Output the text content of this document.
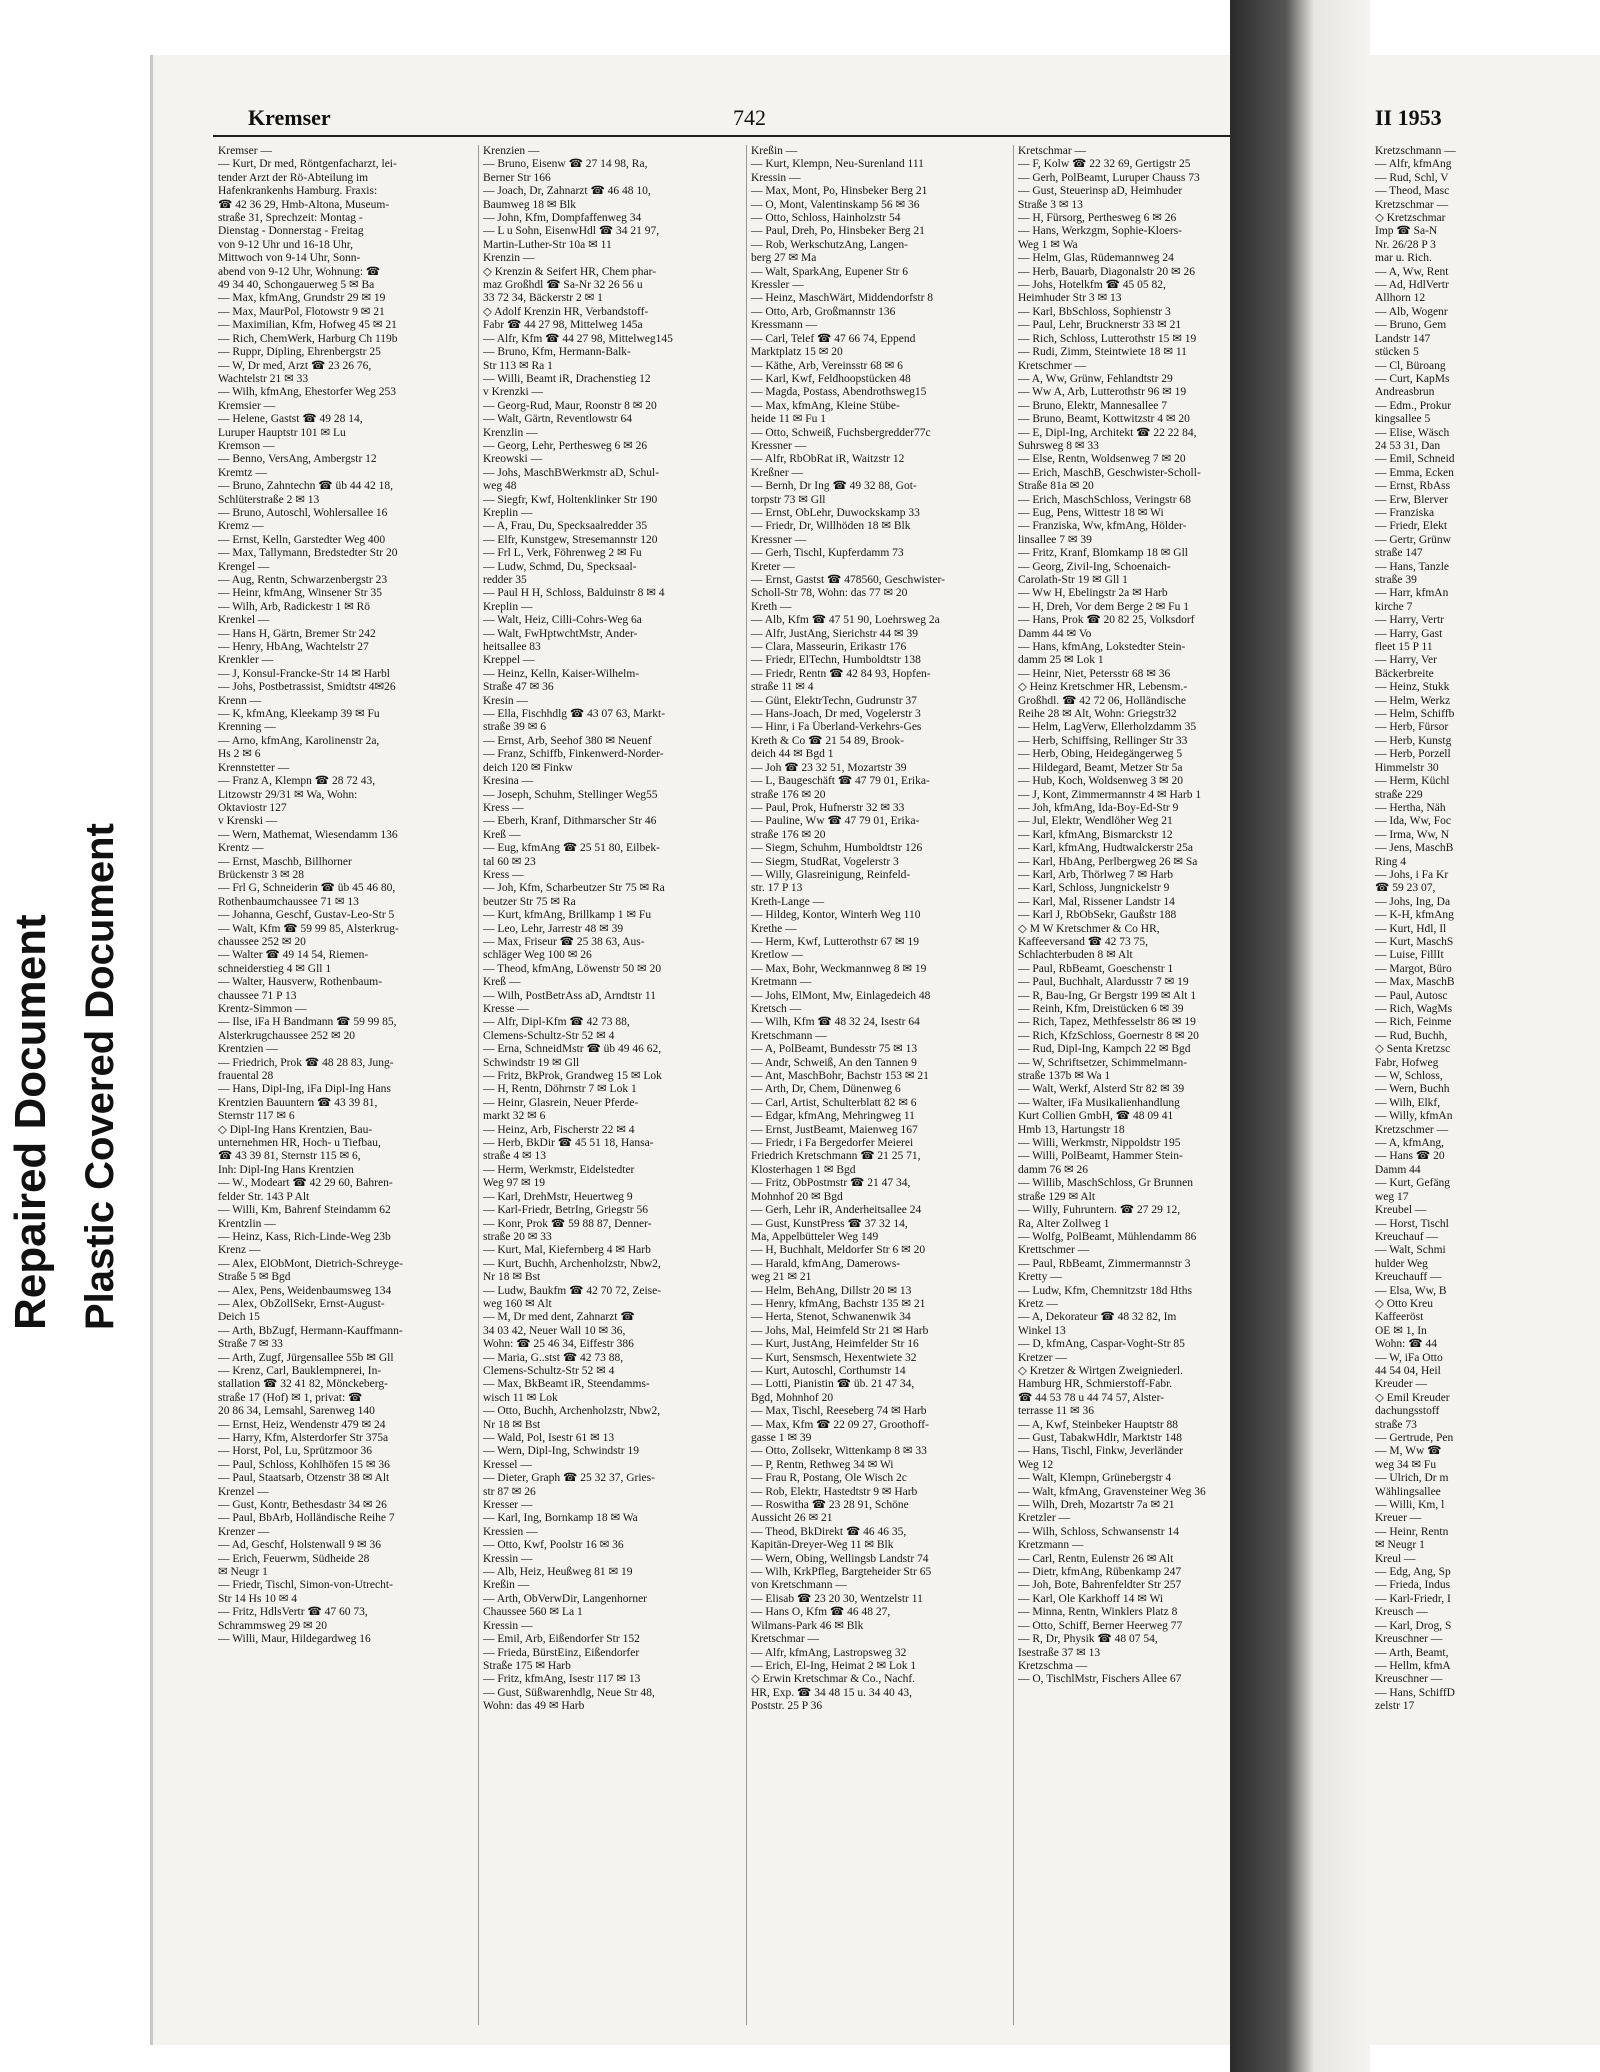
Repaired Document Plastic Covered Document
Kremser	742
Kremser —
— Kurt, Dr med, Röntgenfacharzt, lei-
tender Arzt der Rö-Abteilung im
Hafenkrankenhs Hamburg. Fraxis:
☎ 42 36 29, Hmb-Altona, Museum-
straße 31, Sprechzeit: Montag -
Dienstag - Donnerstag - Freitag
von 9-12 Uhr und 16-18 Uhr,
Mittwoch von 9-14 Uhr, Sonn-
abend von 9-12 Uhr, Wohnung: ☎
49 34 40, Schongauerweg 5 ✉ Ba
— Max, kfmAng, Grundstr 29 ✉ 19
— Max, MaurPol, Flotowstr 9 ✉ 21
— Maximilian, Kfm, Hofweg 45 ✉ 21
— Rich, ChemWerk, Harburg Ch 119b
— Ruppr, Dipling, Ehrenbergstr 25
— W, Dr med, Arzt ☎ 23 26 76,
Wachtelstr 21 ✉ 33
— Wilh, kfmAng, Ehestorfer Weg 253
Kremsier —
— Helene, Gastst ☎ 49 28 14,
Luruper Hauptstr 101 ✉ Lu
Kremson —
— Benno, VersAng, Ambergstr 12
Kremtz —
— Bruno, Zahntechn ☎ üb 44 42 18,
Schlüterstraße 2 ✉ 13
— Bruno, Autoschl, Wohlersallee 16
Kremz —
— Ernst, Kelln, Garstedter Weg 400
— Max, Tallymann, Bredstedter Str 20
Krengel —
— Aug, Rentn, Schwarzenbergstr 23
— Heinr, kfmAng, Winsener Str 35
— Wilh, Arb, Radickestr 1 ✉ Rö
Krenkel —
— Hans H, Gärtn, Bremer Str 242
— Henry, HbAng, Wachtelstr 27
Krenkler —
— J, Konsul-Francke-Str 14 ✉ Harbl
— Johs, Postbetrassist, Smidtstr 4✉26
Krenn —
— K, kfmAng, Kleekamp 39 ✉ Fu
Krenning —
— Arno, kfmAng, Karolinenstr 2a,
Hs 2 ✉ 6
Krennstetter —
— Franz A, Klempn ☎ 28 72 43,
Litzowstr 29/31 ✉ Wa, Wohn:
Oktaviostr 127
v Krenski —
— Wern, Mathemat, Wiesendamm 136
Krentz —
— Ernst, Maschb, Billhorner
Brückenstr 3 ✉ 28
— Frl G, Schneiderin ☎ üb 45 46 80,
Rothenbaumchaussee 71 ✉ 13
— Johanna, Geschf, Gustav-Leo-Str 5
— Walt, Kfm ☎ 59 99 85, Alsterkrug-
chaussee 252 ✉ 20
— Walter ☎ 49 14 54, Riemen-
schneiderstieg 4 ✉ Gll 1
— Walter, Hausverw, Rothenbaum-
chaussee 71 P 13
Krentz-Simmon —
— Ilse, iFa H Bandmann ☎ 59 99 85,
Alsterkrugchaussee 252 ✉ 20
Krentzien —
— Friedrich, Prok ☎ 48 28 83, Jung-
frauental 28
— Hans, Dipl-Ing, iFa Dipl-Ing Hans
Krentzien Bauuntern ☎ 43 39 81,
Sternstr 117 ✉ 6
◇ Dipl-Ing Hans Krentzien, Bau-
unternehmen HR, Hoch- u Tiefbau,
☎ 43 39 81, Sternstr 115 ✉ 6,
Inh: Dipl-Ing Hans Krentzien
— W., Modeart ☎ 42 29 60, Bahren-
felder Str. 143 P Alt
— Willi, Km, Bahrenf Steindamm 62
Krentzlin —
— Heinz, Kass, Rich-Linde-Weg 23b
Krenz —
— Alex, ElObMont, Dietrich-Schreyge-
Straße 5 ✉ Bgd
— Alex, Pens, Weidenbaumsweg 134
— Alex, ObZollSekr, Ernst-August-
Deich 15
— Arth, BbZugf, Hermann-Kauffmann-
Straße 7 ✉ 33
— Arth, Zugf, Jürgensallee 55b ✉ Gll
— Krenz, Carl, Bauklempnerei, In-
stallation ☎ 32 41 82, Mönckeberg-
straße 17 (Hof) ✉ 1, privat: ☎
20 86 34, Lemsahl, Sarenweg 140
— Ernst, Heiz, Wendenstr 479 ✉ 24
— Harry, Kfm, Alsterdorfer Str 375a
— Horst, Pol, Lu, Sprützmoor 36
— Paul, Schloss, Kohlhöfen 15 ✉ 36
— Paul, Staatsarb, Otzenstr 38 ✉ Alt
Krenzel —
— Gust, Kontr, Bethesdastr 34 ✉ 26
— Paul, BbArb, Holländische Reihe 7
Krenzer —
— Ad, Geschf, Holstenwall 9 ✉ 36
— Erich, Feuerwm, Südheide 28
✉ Neugr 1
— Friedr, Tischl, Simon-von-Utrecht-
Str 14 Hs 10 ✉ 4
— Fritz, HdlsVertr ☎ 47 60 73,
Schrammsweg 29 ✉ 20
— Willi, Maur, Hildegardweg 16
Krenzien —
— Bruno, Eisenw ☎ 27 14 98, Ra,
Berner Str 166
— Joach, Dr, Zahnarzt ☎ 46 48 10,
Baumweg 18 ✉ Blk
— John, Kfm, Dompfaffenweg 34
— L u Sohn, EisenwHdl ☎ 34 21 97,
Martin-Luther-Str 10a ✉ 11
Krenzin —
◇ Krenzin & Seifert HR, Chem phar-
maz Großhdl ☎ Sa-Nr 32 26 56 u
33 72 34, Bäckerstr 2 ✉ 1
◇ Adolf Krenzin HR, Verbandstoff-
Fabr ☎ 44 27 98, Mittelweg 145a
— Alfr, Kfm ☎ 44 27 98, Mittelweg145
— Bruno, Kfm, Hermann-Balk-
Str 113 ✉ Ra 1
— Willi, Beamt iR, Drachenstieg 12
v Krenzki —
— Georg-Rud, Maur, Roonstr 8 ✉ 20
— Walt, Gärtn, Reventlowstr 64
Krenzlin —
— Georg, Lehr, Perthesweg 6 ✉ 26
Kreowski —
— Johs, MaschBWerkmstr aD, Schul-
weg 48
— Siegfr, Kwf, Holtenklinker Str 190
Kreplin —
— A, Frau, Du, Specksaalredder 35
— Elfr, Kunstgew, Stresemannstr 120
— Frl L, Verk, Föhrenweg 2 ✉ Fu
— Ludw, Schmd, Du, Specksaal-
redder 35
— Paul H H, Schloss, Balduinstr 8 ✉ 4
Kreplin —
— Walt, Heiz, Cilli-Cohrs-Weg 6a
— Walt, FwHptwchtMstr, Ander-
heitsallee 83
Kreppel —
— Heinz, Kelln, Kaiser-Wilhelm-
Straße 47 ✉ 36
Kresin —
— Ella, Fischhdlg ☎ 43 07 63, Markt-
straße 39 ✉ 6
— Ernst, Arb, Seehof 380 ✉ Neuenf
— Franz, Schiffb, Finkenwerd-Norder-
deich 120 ✉ Finkw
Kresina —
— Joseph, Schuhm, Stellinger Weg55
Kress —
— Eberh, Kranf, Dithmarscher Str 46
Kreß —
— Eug, kfmAng ☎ 25 51 80, Eilbek-
tal 60 ✉ 23
Kress —
— Joh, Kfm, Scharbeutzer Str 75 ✉ Ra
beutzer Str 75 ✉ Ra
— Kurt, kfmAng, Brillkamp 1 ✉ Fu
— Leo, Lehr, Jarrestr 48 ✉ 39
— Max, Friseur ☎ 25 38 63, Aus-
schläger Weg 100 ✉ 26
— Theod, kfmAng, Löwenstr 50 ✉ 20
Kreß —
— Wilh, PostBetrAss aD, Arndtstr 11
Kresse —
— Alfr, Dipl-Kfm ☎ 42 73 88,
Clemens-Schultz-Str 52 ✉ 4
— Erna, SchneidMstr ☎ üb 49 46 62,
Schwindstr 19 ✉ Gll
— Fritz, BkProk, Grandweg 15 ✉ Lok
— H, Rentn, Döhrnstr 7 ✉ Lok 1
— Heinr, Glasrein, Neuer Pferde-
markt 32 ✉ 6
— Heinz, Arb, Fischerstr 22 ✉ 4
— Herb, BkDir ☎ 45 51 18, Hansa-
straße 4 ✉ 13
— Herm, Werkmstr, Eidelstedter
Weg 97 ✉ 19
— Karl, DrehMstr, Heuertweg 9
— Karl-Friedr, BetrIng, Griegstr 56
— Konr, Prok ☎ 59 88 87, Denner-
straße 20 ✉ 33
— Kurt, Mal, Kiefernberg 4 ✉ Harb
— Kurt, Buchh, Archenholzstr, Nbw2,
Nr 18 ✉ Bst
— Ludw, Baukfm ☎ 42 70 72, Zeise-
weg 160 ✉ Alt
— M, Dr med dent, Zahnarzt ☎
34 03 42, Neuer Wall 10 ✉ 36,
Wohn: ☎ 25 46 34, Eiffestr 386
— Maria, G..stst ☎ 42 73 88,
Clemens-Schultz-Str 52 ✉ 4
— Max, BkBeamt iR, Steendamms-
wisch 11 ✉ Lok
— Otto, Buchh, Archenholzstr, Nbw2,
Nr 18 ✉ Bst
— Wald, Pol, Isestr 61 ✉ 13
— Wern, Dipl-Ing, Schwindstr 19
Kressel —
— Dieter, Graph ☎ 25 32 37, Gries-
str 87 ✉ 26
Kresser —
— Karl, Ing, Bornkamp 18 ✉ Wa
Kressien —
— Otto, Kwf, Poolstr 16 ✉ 36
Kressin —
— Alb, Heiz, Heußweg 81 ✉ 19
Kreßin —
— Arth, ObVerwDir, Langenhorner
Chaussee 560 ✉ La 1
Kressin —
— Emil, Arb, Eißendorfer Str 152
— Frieda, BürstEinz, Eißendorfer
Straße 175 ✉ Harb
— Fritz, kfmAng, Isestr 117 ✉ 13
— Gust, Süßwarenhdlg, Neue Str 48,
Wohn: das 49 ✉ Harb
Kreßin —
— Kurt, Klempn, Neu-Surenland 111
Kressin —
— Max, Mont, Po, Hinsbeker Berg 21
— O, Mont, Valentinskamp 56 ✉ 36
— Otto, Schloss, Hainholzstr 54
— Paul, Dreh, Po, Hinsbeker Berg 21
— Rob, WerkschutzAng, Langen-
berg 27 ✉ Ma
— Walt, SparkAng, Eupener Str 6
Kressler —
— Heinz, MaschWärt, Middendorfstr 8
— Otto, Arb, Großmannstr 136
Kressmann —
— Carl, Telef ☎ 47 66 74, Eppend
Marktplatz 15 ✉ 20
— Käthe, Arb, Vereinsstr 68 ✉ 6
— Karl, Kwf, Feldhoopstücken 48
— Magda, Postass, Abendrothsweg15
— Max, kfmAng, Kleine Stübe-
heide 11 ✉ Fu 1
— Otto, Schweiß, Fuchsbergredder77c
Kressner —
— Alfr, RbObRat iR, Waitzstr 12
Kreßner —
— Bernh, Dr Ing ☎ 49 32 88, Got-
torpstr 73 ✉ Gll
— Ernst, ObLehr, Duwockskamp 33
— Friedr, Dr, Willhöden 18 ✉ Blk
Kressner —
— Gerh, Tischl, Kupferdamm 73
Kreter —
— Ernst, Gastst ☎ 478560, Geschwister-
Scholl-Str 78, Wohn: das 77 ✉ 20
Kreth —
— Alb, Kfm ☎ 47 51 90, Loehrsweg 2a
— Alfr, JustAng, Sierichstr 44 ✉ 39
— Clara, Masseurin, Erikastr 176
— Friedr, ElTechn, Humboldtstr 138
— Friedr, Rentn ☎ 42 84 93, Hopfen-
straße 11 ✉ 4
— Günt, ElektrTechn, Gudrunstr 37
— Hans-Joach, Dr med, Vogelerstr 3
— Hinr, i Fa Überland-Verkehrs-Ges
Kreth & Co ☎ 21 54 89, Brook-
deich 44 ✉ Bgd 1
— Joh ☎ 23 32 51, Mozartstr 39
— L, Baugeschäft ☎ 47 79 01, Erika-
straße 176 ✉ 20
— Paul, Prok, Hufnerstr 32 ✉ 33
— Pauline, Ww ☎ 47 79 01, Erika-
straße 176 ✉ 20
— Siegm, Schuhm, Humboldtstr 126
— Siegm, StudRat, Vogelerstr 3
— Willy, Glasreinigung, Reinfeld-
str. 17 P 13
Kreth-Lange —
— Hildeg, Kontor, Winterh Weg 110
Krethe —
— Herm, Kwf, Lutterothstr 67 ✉ 19
Kretlow —
— Max, Bohr, Weckmannweg 8 ✉ 19
Kretmann —
— Johs, ElMont, Mw, Einlagedeich 48
Kretsch —
— Wilh, Kfm ☎ 48 32 24, Isestr 64
Kretschmann —
— A, PolBeamt, Bundesstr 75 ✉ 13
— Andr, Schweiß, An den Tannen 9
— Ant, MaschBohr, Bachstr 153 ✉ 21
— Arth, Dr, Chem, Dünenweg 6
— Carl, Artist, Schulterblatt 82 ✉ 6
— Edgar, kfmAng, Mehringweg 11
— Ernst, JustBeamt, Maienweg 167
— Friedr, i Fa Bergedorfer Meierei
Friedrich Kretschmann ☎ 21 25 71,
Klosterhagen 1 ✉ Bgd
— Fritz, ObPostmstr ☎ 21 47 34,
Mohnhof 20 ✉ Bgd
— Gerh, Lehr iR, Anderheitsallee 24
— Gust, KunstPress ☎ 37 32 14,
Ma, Appelbütteler Weg 149
— H, Buchhalt, Meldorfer Str 6 ✉ 20
— Harald, kfmAng, Damerows-
weg 21 ✉ 21
— Helm, BehAng, Dillstr 20 ✉ 13
— Henry, kfmAng, Bachstr 135 ✉ 21
— Herta, Stenot, Schwanenwik 34
— Johs, Mal, Heimfeld Str 21 ✉ Harb
— Kurt, JustAng, Heimfelder Str 16
— Kurt, Sensmsch, Hexentwiete 32
— Kurt, Autoschl, Corthumstr 14
— Lotti, Pianistin ☎ üb. 21 47 34,
Bgd, Mohnhof 20
— Max, Tischl, Reeseberg 74 ✉ Harb
— Max, Kfm ☎ 22 09 27, Groothoff-
gasse 1 ✉ 39
— Otto, Zollsekr, Wittenkamp 8 ✉ 33
— P, Rentn, Rethweg 34 ✉ Wi
— Frau R, Postang, Ole Wisch 2c
— Rob, Elektr, Hastedtstr 9 ✉ Harb
— Roswitha ☎ 23 28 91, Schöne
Aussicht 26 ✉ 21
— Theod, BkDirekt ☎ 46 46 35,
Kapitän-Dreyer-Weg 11 ✉ Blk
— Wern, Obing, Wellingsb Landstr 74
— Wilh, KrkPfleg, Bargteheider Str 65
von Kretschmann —
— Elisab ☎ 23 20 30, Wentzelstr 11
— Hans O, Kfm ☎ 46 48 27,
Wilmans-Park 46 ✉ Blk
Kretschmar —
— Alfr, kfmAng, Lastropsweg 32
— Erich, El-Ing, Heimat 2 ✉ Lok 1
◇ Erwin Kretschmar & Co., Nachf.
HR, Exp. ☎ 34 48 15 u. 34 40 43,
Poststr. 25 P 36
Kretschmar —
— F, Kolw ☎ 22 32 69, Gertigstr 25
— Gerh, PolBeamt, Luruper Chauss 73
— Gust, Steuerinsp aD, Heimhuder
Straße 3 ✉ 13
— H, Fürsorg, Perthesweg 6 ✉ 26
— Hans, Werkzgm, Sophie-Kloers-
Weg 1 ✉ Wa
— Helm, Glas, Rüdemannweg 24
— Herb, Bauarb, Diagonalstr 20 ✉ 26
— Johs, Hotelkfm ☎ 45 05 82,
Heimhuder Str 3 ✉ 13
— Karl, BbSchloss, Sophienstr 3
— Paul, Lehr, Brucknerstr 33 ✉ 21
— Rich, Schloss, Lutterothstr 15 ✉ 19
— Rudi, Zimm, Steintwiete 18 ✉ 11
Kretschmer —
— A, Ww, Grünw, Fehlandtstr 29
— Ww A, Arb, Lutterothstr 96 ✉ 19
— Bruno, Elektr, Mannesallee 7
— Bruno, Beamt, Kottwitzstr 4 ✉ 20
— E, Dipl-Ing, Architekt ☎ 22 22 84,
Suhrsweg 8 ✉ 33
— Else, Rentn, Woldsenweg 7 ✉ 20
— Erich, MaschB, Geschwister-Scholl-
Straße 81a ✉ 20
— Erich, MaschSchloss, Veringstr 68
— Eug, Pens, Wittestr 18 ✉ Wi
— Franziska, Ww, kfmAng, Hölder-
linsallee 7 ✉ 39
— Fritz, Kranf, Blomkamp 18 ✉ Gll
— Georg, Zivil-Ing, Schoenaich-
Carolath-Str 19 ✉ Gll 1
— Ww H, Ebelingstr 2a ✉ Harb
— H, Dreh, Vor dem Berge 2 ✉ Fu 1
— Hans, Prok ☎ 20 82 25, Volksdorf
Damm 44 ✉ Vo
— Hans, kfmAng, Lokstedter Stein-
damm 25 ✉ Lok 1
— Heinr, Niet, Petersstr 68 ✉ 36
◇ Heinz Kretschmer HR, Lebensm.-
Großhdl. ☎ 42 72 06, Holländische
Reihe 28 ✉ Alt, Wohn: Griegstr32
— Helm, LagVerw, Ellerholzdamm 35
— Herb, Schiffsing, Rellinger Str 33
— Herb, Obing, Heidegängerweg 5
— Hildegard, Beamt, Metzer Str 5a
— Hub, Koch, Woldsenweg 3 ✉ 20
— J, Kont, Zimmermannstr 4 ✉ Harb 1
— Joh, kfmAng, Ida-Boy-Ed-Str 9
— Jul, Elektr, Wendlöher Weg 21
— Karl, kfmAng, Bismarckstr 12
— Karl, kfmAng, Hudtwalckerstr 25a
— Karl, HbAng, Perlbergweg 26 ✉ Sa
— Karl, Arb, Thörlweg 7 ✉ Harb
— Karl, Schloss, Jungnickelstr 9
— Karl, Mal, Rissener Landstr 14
— Karl J, RbObSekr, Gaußstr 188
◇ M W Kretschmer & Co HR,
Kaffeeversand ☎ 42 73 75,
Schlachterbuden 8 ✉ Alt
— Paul, RbBeamt, Goeschenstr 1
— Paul, Buchhalt, Alardusstr 7 ✉ 19
— R, Bau-Ing, Gr Bergstr 199 ✉ Alt 1
— Reinh, Kfm, Dreistücken 6 ✉ 39
— Rich, Tapez, Methfesselstr 86 ✉ 19
— Rich, KfzSchloss, Goernestr 8 ✉ 20
— Rud, Dipl-Ing, Kampch 22 ✉ Bgd
— W, Schriftsetzer, Schimmelmann-
straße 137b ✉ Wa 1
— Walt, Werkf, Alsterd Str 82 ✉ 39
— Walter, iFa Musikalienhandlung
Kurt Collien GmbH, ☎ 48 09 41
Hmb 13, Hartungstr 18
— Willi, Werkmstr, Nippoldstr 195
— Willi, PolBeamt, Hammer Stein-
damm 76 ✉ 26
— Willib, MaschSchloss, Gr Brunnen
straße 129 ✉ Alt
— Willy, Fuhruntern. ☎ 27 29 12,
Ra, Alter Zollweg 1
— Wolfg, PolBeamt, Mühlendamm 86
Krettschmer —
— Paul, RbBeamt, Zimmermannstr 3
Kretty —
— Ludw, Kfm, Chemnitzstr 18d Hths
Kretz —
— A, Dekorateur ☎ 48 32 82, Im
Winkel 13
— D, kfmAng, Caspar-Voght-Str 85
Kretzer —
◇ Kretzer & Wirtgen Zweigniederl.
Hamburg HR, Schmierstoff-Fabr.
☎ 44 53 78 u 44 74 57, Alster-
terrasse 11 ✉ 36
— A, Kwf, Steinbeker Hauptstr 88
— Gust, TabakwHdlr, Marktstr 148
— Hans, Tischl, Finkw, Jeverländer
Weg 12
— Walt, Klempn, Grünebergstr 4
— Walt, kfmAng, Gravensteiner Weg 36
— Wilh, Dreh, Mozartstr 7a ✉ 21
Kretzler —
— Wilh, Schloss, Schwansenstr 14
Kretzmann —
— Carl, Rentn, Eulenstr 26 ✉ Alt
— Dietr, kfmAng, Rübenkamp 247
— Joh, Bote, Bahrenfeldter Str 257
— Karl, Ole Karkhoff 14 ✉ Wi
— Minna, Rentn, Winklers Platz 8
— Otto, Schiff, Berner Heerweg 77
— R, Dr, Physik ☎ 48 07 54,
Isestraße 37 ✉ 13
Kretzschma —
— O, TischlMstr, Fischers Allee 67
II 1953
Kretzschmann —
— Alfr, kfmAng
— Rud, Schl, V
— Theod, Masc
Kretzschmar —
◇ Kretzschmar
Imp ☎ Sa-N
Nr. 26/28 P 3
mar u. Rich.
— A, Ww, Rent
— Ad, HdlVertr
Allhorn 12
— Alb, Wogenr
— Bruno, Gem
Landstr 147
stücken 5
— Cl, Büroang
— Curt, KapMs
Andreasbrun
— Edm., Prokur
kingsallee 5
— Elise, Wäsch
24 53 31, Dan
— Emil, Schneid
— Emma, Ecken
— Ernst, RbAss
— Erw, Blerver
— Franziska
— Friedr, Elekt
— Gertr, Grünw
straße 147
— Hans, Tanzle
straße 39
— Harr, kfmAn
kirche 7
— Harry, Vertr
— Harry, Gast
fleet 15 P 11
— Harry, Ver
Bäckerbreite
— Heinz, Stukk
— Helm, Werkz
— Helm, Schiffb
— Herb, Fürsor
— Herb, Kunstg
— Herb, Porzell
Himmelstr 30
— Herm, Küchl
straße 229
— Hertha, Näh
— Ida, Ww, Foc
— Irma, Ww, N
— Jens, MaschB
Ring 4
— Johs, i Fa Kr
☎ 59 23 07,
— Johs, Ing, Da
— K-H, kfmAng
— Kurt, Hdl, Il
— Kurt, MaschS
— Luise, FillIt
— Margot, Büro
— Max, MaschB
— Paul, Autosc
— Rich, WagMs
— Rich, Feinme
— Rud, Buchh,
◇ Senta Kretzsc
Fabr, Hofweg
— W, Schloss,
— Wern, Buchh
— Wilh, Elkf,
— Willy, kfmAn
Kretzschmer —
— A, kfmAng,
— Hans ☎ 20
Damm 44
— Kurt, Gefäng
weg 17
Kreubel —
— Horst, Tischl
Kreuchauf —
— Walt, Schmi
hulder Weg
Kreuchauff —
— Elsa, Ww, B
◇ Otto Kreu
Kaffeeröst
OE ✉ 1, In
Wohn: ☎ 44
— W, iFa Otto
44 54 04, Heil
Kreuder —
◇ Emil Kreuder
dachungsstoff
straße 73
— Gertrude, Pen
— M, Ww ☎
weg 34 ✉ Fu
— Ulrich, Dr m
Wählingsallee
— Willi, Km, l
Kreuer —
— Heinr, Rentn
✉ Neugr 1
Kreul —
— Edg, Ang, Sp
— Frieda, Indus
— Karl-Friedr, I
Kreusch —
— Karl, Drog, S
Kreuschner —
— Arth, Beamt,
— Hellm, kfmA
Kreuschner —
— Hans, SchiffD
zelstr 17
